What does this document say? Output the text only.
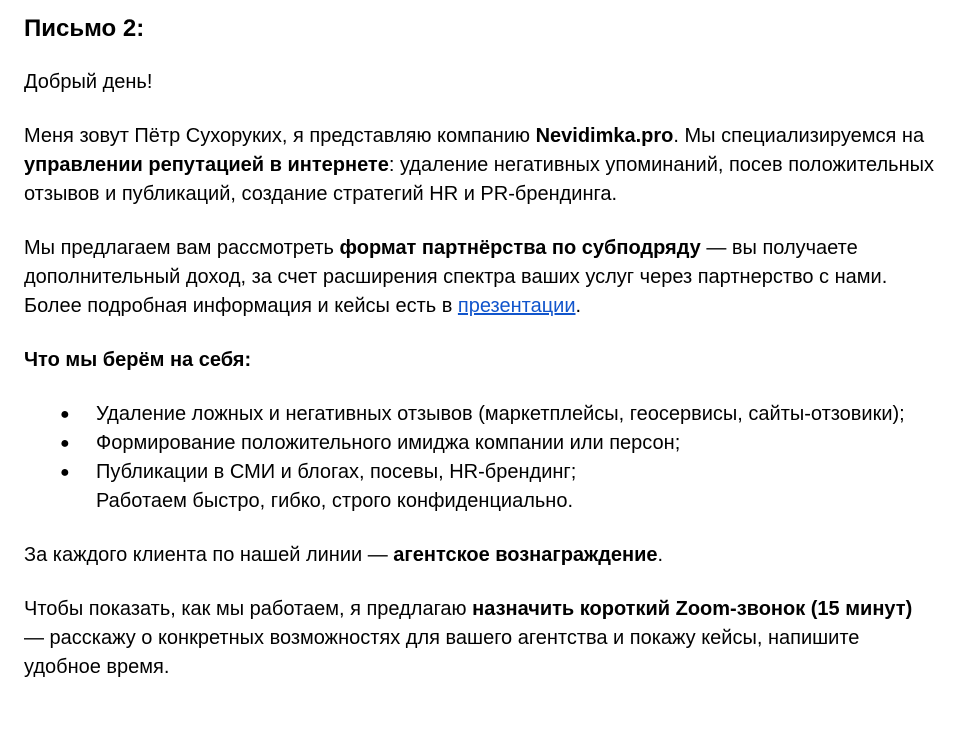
Письмо 2:

Добрый день!

Меня зовут Пётр Сухоруких, я представляю компанию Nevidimka.pro. Мы специализируемся на управлении репутацией в интернете: удаление негативных упоминаний, посев положительных отзывов и публикаций, создание стратегий HR и PR-брендинга.

Мы предлагаем вам рассмотреть формат партнёрства по субподряду — вы получаете дополнительный доход, за счет расширения спектра ваших услуг через партнерство с нами. Более подробная информация и кейсы есть в презентации.

Что мы берём на себя:

● Удаление ложных и негативных отзывов (маркетплейсы, геосервисы, сайты-отзовики);
● Формирование положительного имиджа компании или персон;
● Публикации в СМИ и блогах, посевы, HR-брендинг;
Работаем быстро, гибко, строго конфиденциально.

За каждого клиента по нашей линии — агентское вознаграждение.

Чтобы показать, как мы работаем, я предлагаю назначить короткий Zoom-звонок (15 минут) — расскажу о конкретных возможностях для вашего агентства и покажу кейсы, напишите удобное время.
